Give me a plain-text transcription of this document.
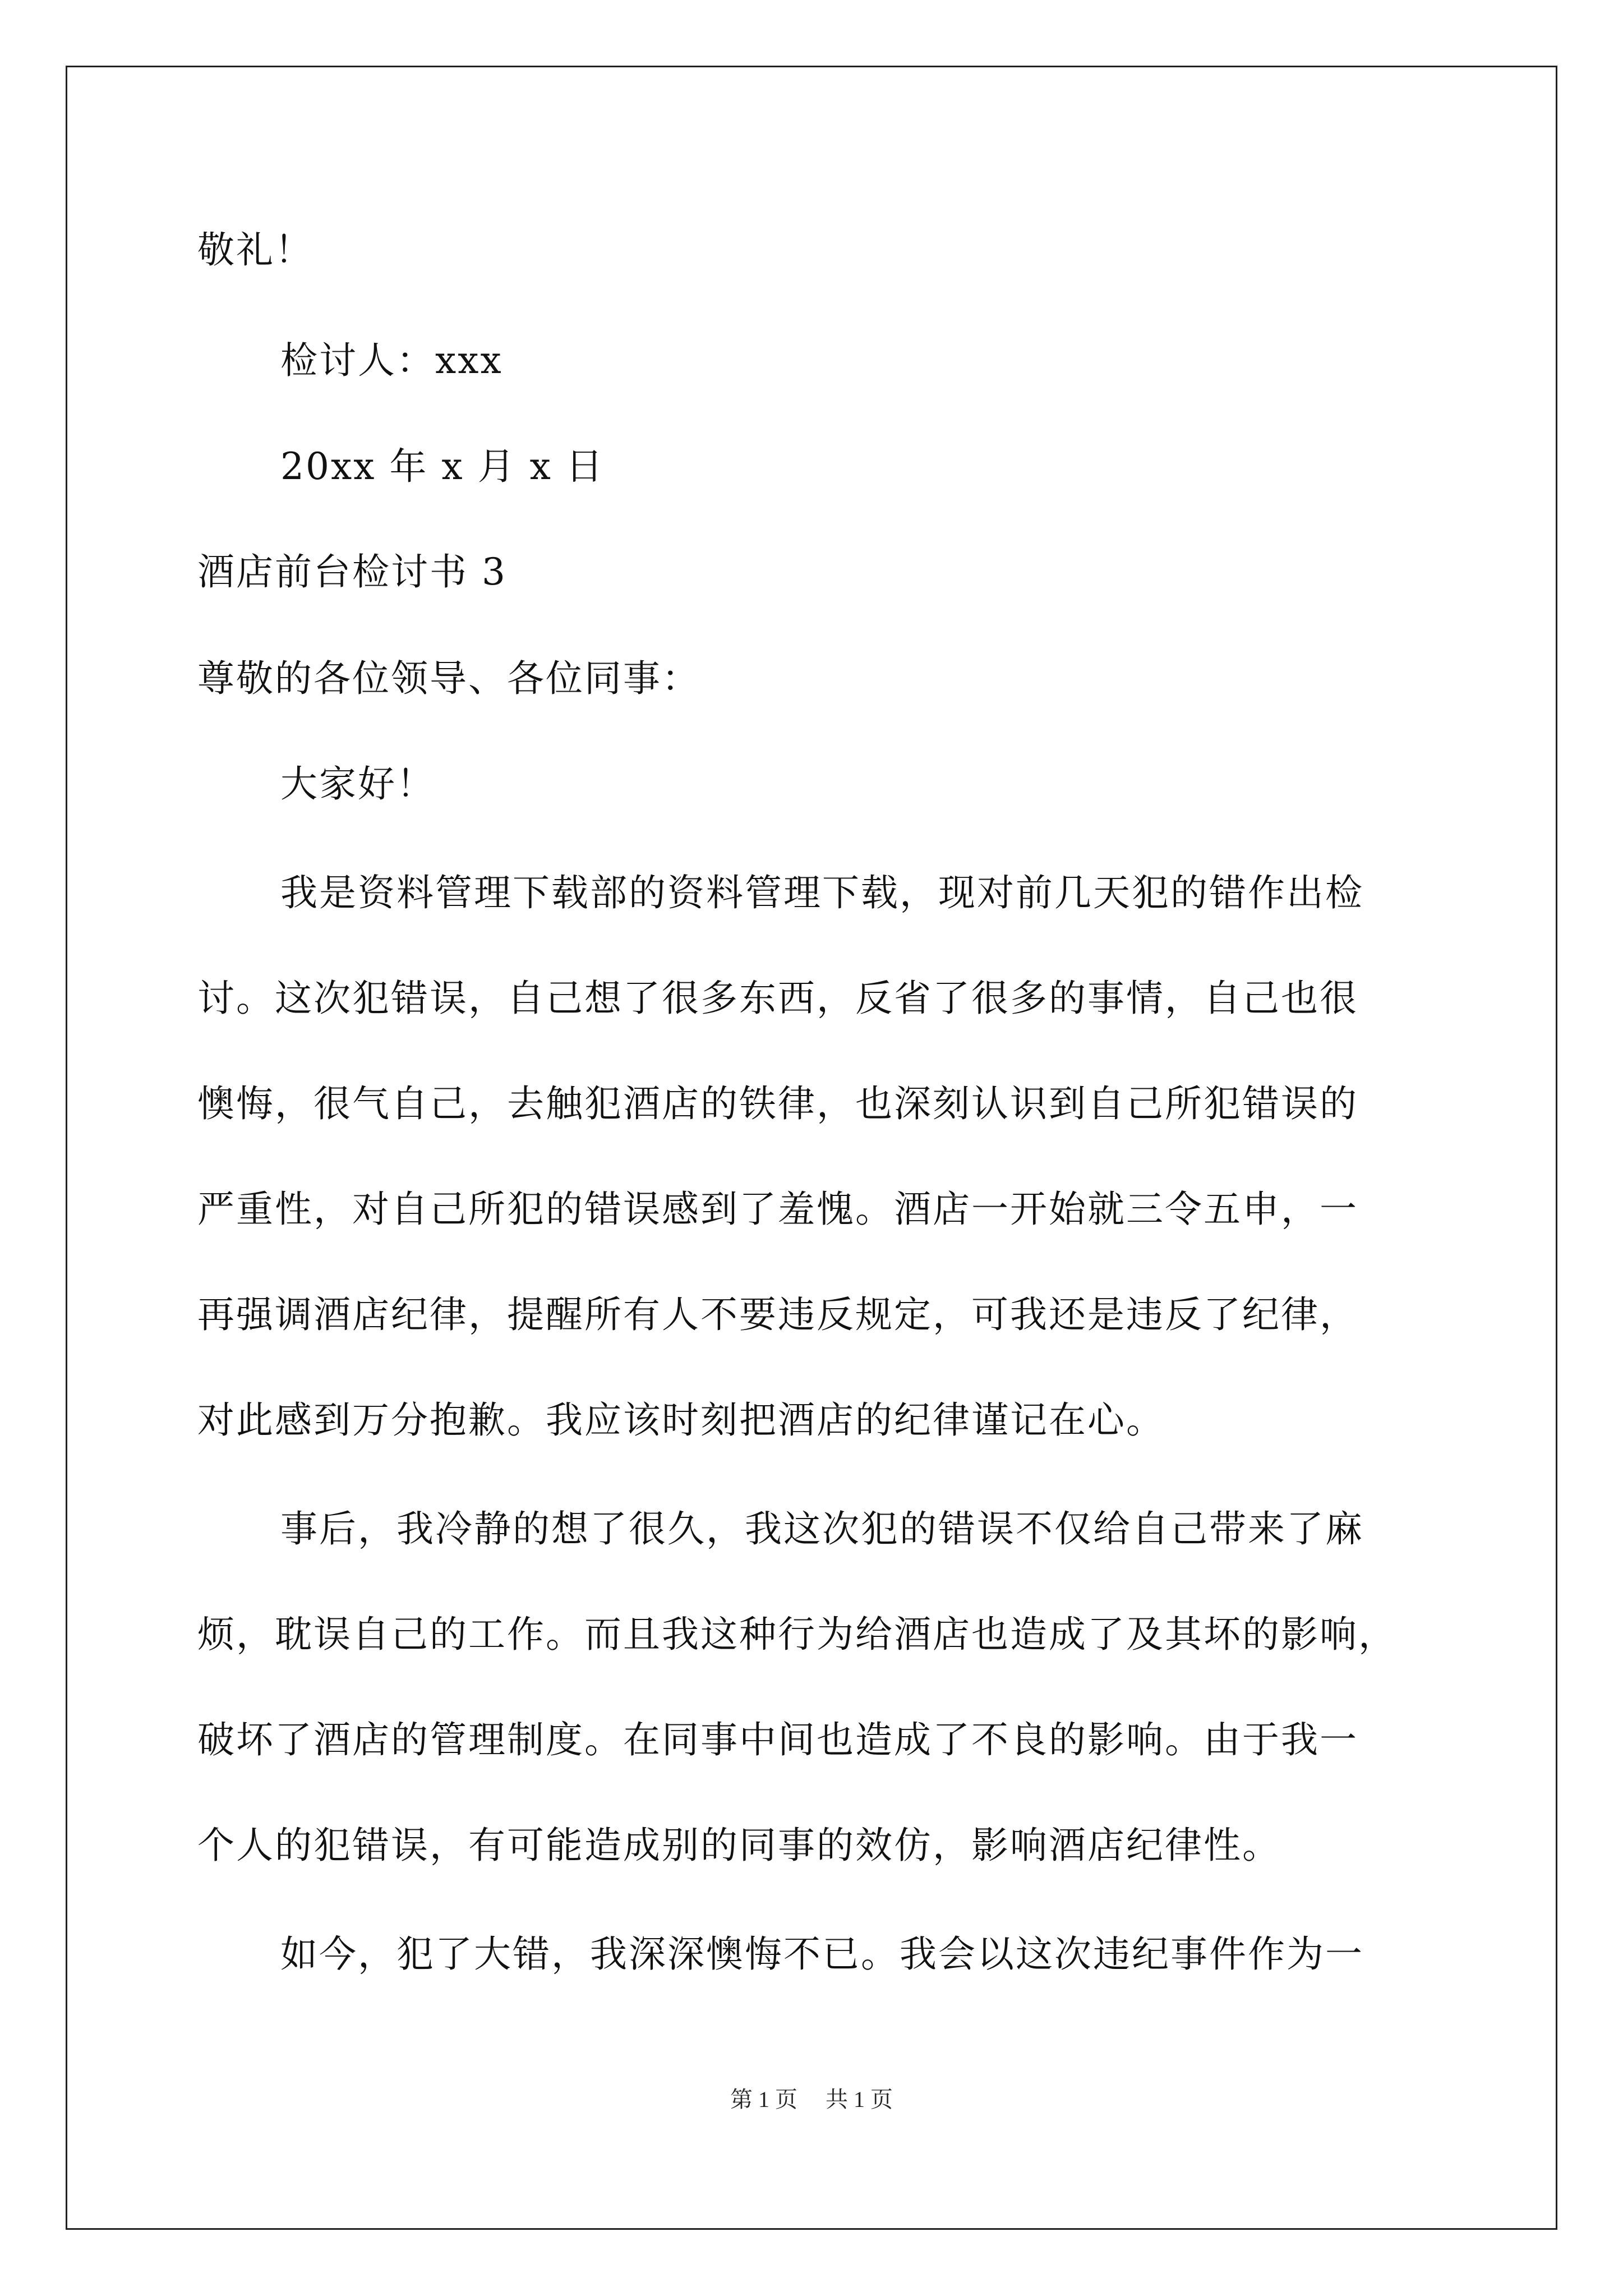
敬礼！
检讨人：xxx
20xx 年 x 月 x 日
酒店前台检讨书 3
尊敬的各位领导、各位同事：
大家好！
我是资料管理下载部的资料管理下载，现对前几天犯的错作出检
讨。这次犯错误，自己想了很多东西，反省了很多的事情，自己也很
懊悔，很气自己，去触犯酒店的铁律，也深刻认识到自己所犯错误的
严重性，对自己所犯的错误感到了羞愧。酒店一开始就三令五申，一
再强调酒店纪律，提醒所有人不要违反规定，可我还是违反了纪律，
对此感到万分抱歉。我应该时刻把酒店的纪律谨记在心。
事后，我冷静的想了很久，我这次犯的错误不仅给自己带来了麻
烦，耽误自己的工作。而且我这种行为给酒店也造成了及其坏的影响，
破坏了酒店的管理制度。在同事中间也造成了不良的影响。由于我一
个人的犯错误，有可能造成别的同事的效仿，影响酒店纪律性。
如今，犯了大错，我深深懊悔不已。我会以这次违纪事件作为一
第 1 页 共 1 页
